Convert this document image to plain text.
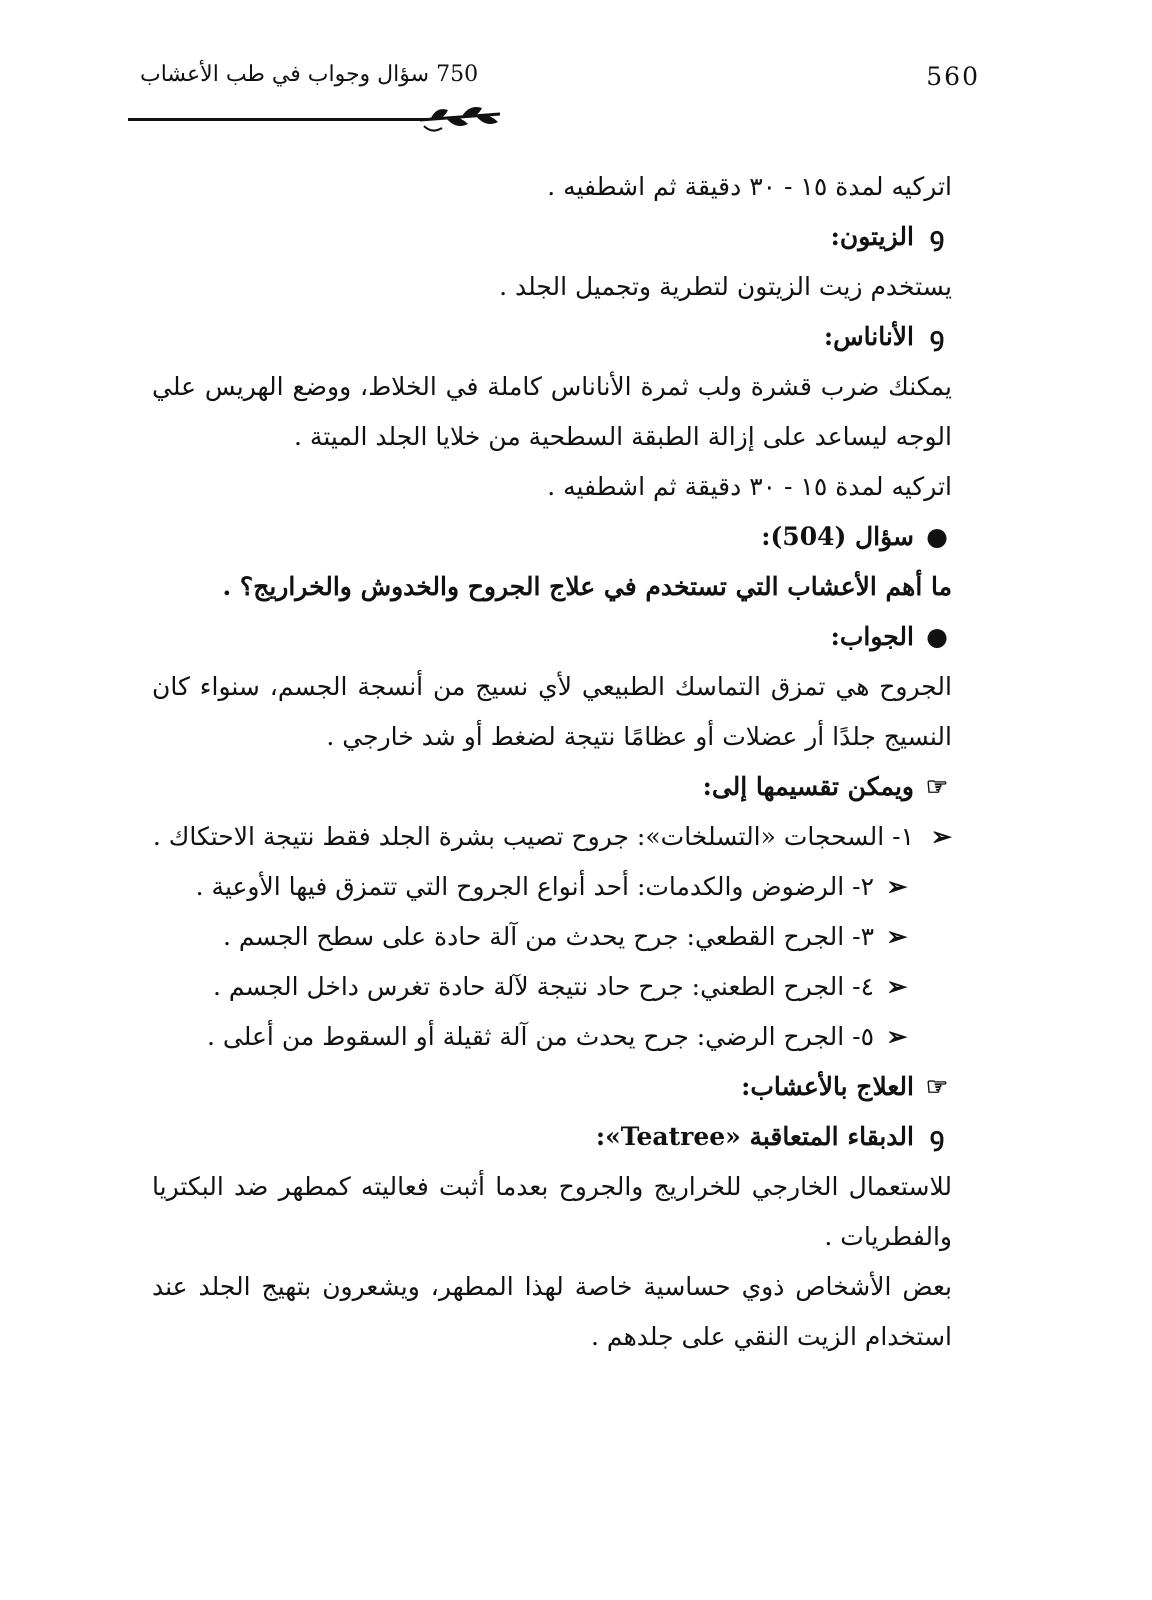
560
750 سؤال وجواب في طب الأعشاب
اتركيه لمدة ١٥ - ٣٠ دقيقة ثم اشطفيه .
ꝯالزيتون:
يستخدم زيت الزيتون لتطرية وتجميل الجلد .
ꝯالأناناس:

يمكنك ضرب قشرة ولب ثمرة الأناناس كاملة في الخلاط، ووضع الهريس علي الوجه ليساعد على إزالة الطبقة السطحية من خلايا الجلد الميتة .

اتركيه لمدة ١٥ - ٣٠ دقيقة ثم اشطفيه .
●سؤال (504):
ما أهم الأعشاب التي تستخدم في علاج الجروح والخدوش والخراريج؟ .
●الجواب:

الجروح هي تمزق التماسك الطبيعي لأي نسيج من أنسجة الجسم، سنواء كان النسيج جلدًا أر عضلات أو عظامًا نتيجة لضغط أو شد خارجي .

☞ويمكن تقسيمها إلى:

➢١- السحجات «التسلخات»: جروح تصيب بشرة الجلد فقط نتيجة الاحتكاك .

➢٢- الرضوض والكدمات: أحد أنواع الجروح التي تتمزق فيها الأوعية .
➢٣- الجرح القطعي: جرح يحدث من آلة حادة على سطح الجسم .
➢٤- الجرح الطعني: جرح حاد نتيجة لآلة حادة تغرس داخل الجسم .
➢٥- الجرح الرضي: جرح يحدث من آلة ثقيلة أو السقوط من أعلى .
☞العلاج بالأعشاب:
ꝯالدبقاء المتعاقبة «Teatree»:

للاستعمال الخارجي للخراريج والجروح بعدما أثبت فعاليته كمطهر ضد البكتريا والفطريات .

بعض الأشخاص ذوي حساسية خاصة لهذا المطهر، ويشعرون بتهيج الجلد عند استخدام الزيت النقي على جلدهم .
